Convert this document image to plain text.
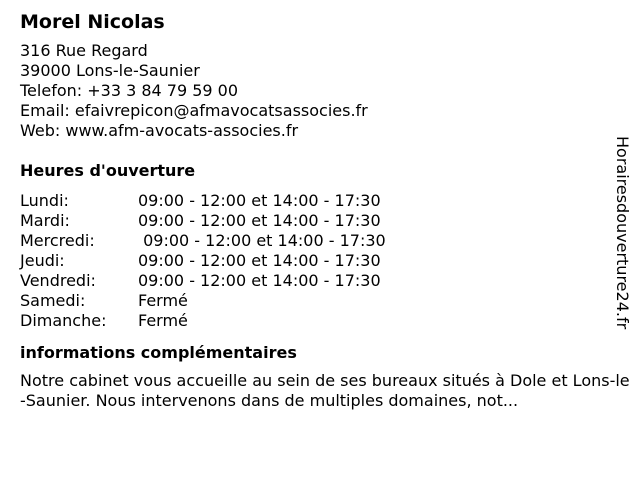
Morel Nicolas
316 Rue Regard
39000 Lons-le-Saunier
Telefon: +33 3 84 79 59 00
Email: efaivrepicon@afmavocatsassocies.fr
Web: www.afm-avocats-associes.fr
Heures d'ouverture
Lundi:	09:00 - 12:00 et 14:00 - 17:30
Mardi:	09:00 - 12:00 et 14:00 - 17:30
Mercredi:	09:00 - 12:00 et 14:00 - 17:30
Jeudi:	09:00 - 12:00 et 14:00 - 17:30
Vendredi:	09:00 - 12:00 et 14:00 - 17:30
Samedi:	Fermé
Dimanche:	Fermé
informations complémentaires
Notre cabinet vous accueille au sein de ses bureaux situés à Dole et Lons-le-Saunier. Nous intervenons dans de multiples domaines, not...
Horairesdouverture24.fr
